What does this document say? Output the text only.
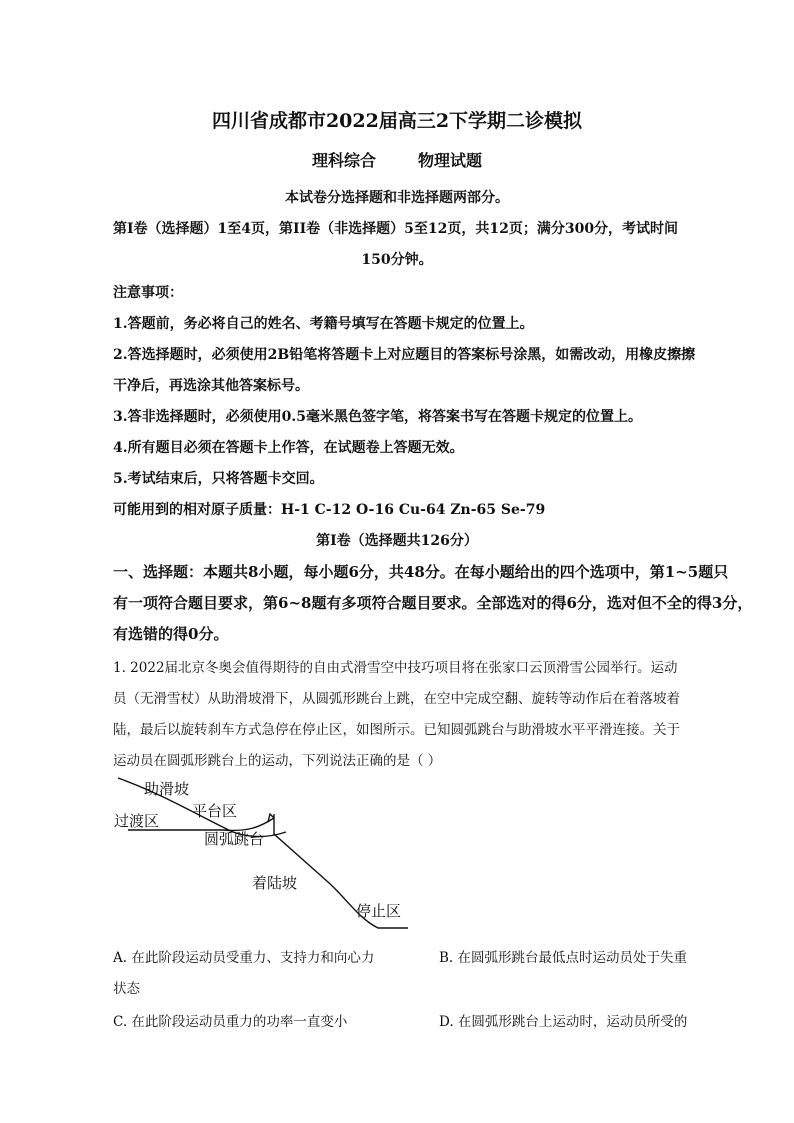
四川省成都市2022届高三2下学期二诊模拟
理科综合	物理试题
本试卷分选择题和非选择题两部分。
第I卷（选择题）1至4页，第II卷（非选择题）5至12页，共12页；满分300分，考试时间
150分钟。
注意事项：
1.答题前，务必将自己的姓名、考籍号填写在答题卡规定的位置上。
2.答选择题时，必须使用2B铅笔将答题卡上对应题目的答案标号涂黑，如需改动，用橡皮擦擦
干净后，再选涂其他答案标号。
3.答非选择题时，必须使用0.5毫米黑色签字笔，将答案书写在答题卡规定的位置上。
4.所有题目必须在答题卡上作答，在试题卷上答题无效。
5.考试结束后，只将答题卡交回。
可能用到的相对原子质量：H-1 C-12 O-16 Cu-64 Zn-65 Se-79
第I卷（选择题共126分）
一、选择题：本题共8小题，每小题6分，共48分。在每小题给出的四个选项中，第1~5题只
有一项符合题目要求，第6~8题有多项符合题目要求。全部选对的得6分，选对但不全的得3分，
有选错的得0分。
1. 2022届北京冬奥会值得期待的自由式滑雪空中技巧项目将在张家口云顶滑雪公园举行。运动
员（无滑雪杖）从助滑坡滑下，从圆弧形跳台上跳，在空中完成空翻、旋转等动作后在着落坡着
陆，最后以旋转刹车方式急停在停止区，如图所示。已知圆弧跳台与助滑坡水平平滑连接。关于
运动员在圆弧形跳台上的运动，下列说法正确的是（ ）
助滑坡
平台区
过渡区
圆弧跳台
着陆坡
停止区
A. 在此阶段运动员受重力、支持力和向心力	B. 在圆弧形跳台最低点时运动员处于失重
状态
C. 在此阶段运动员重力的功率一直变小	D. 在圆弧形跳台上运动时，运动员所受的
